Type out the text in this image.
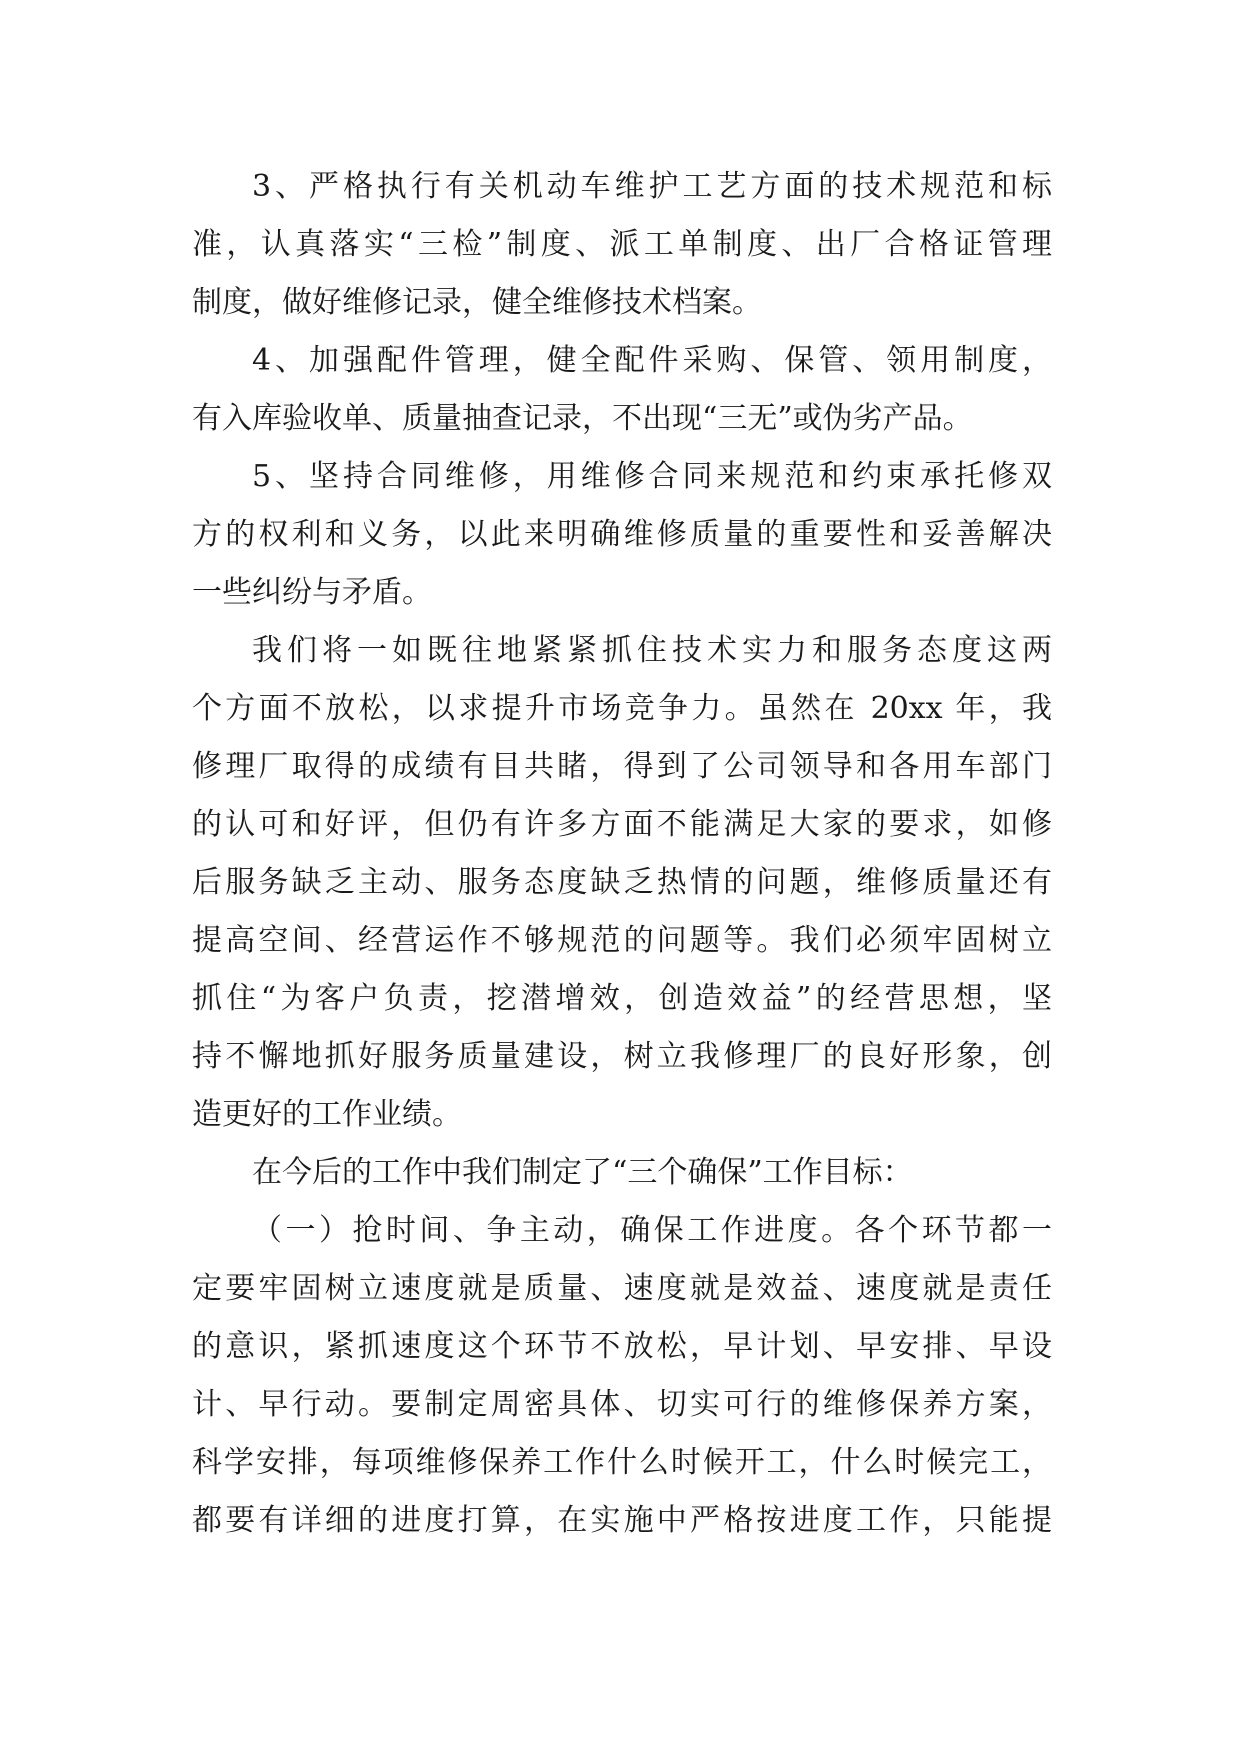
3、严格执行有关机动车维护工艺方面的技术规范和标
准，认真落实“三检”制度、派工单制度、出厂合格证管理
制度，做好维修记录，健全维修技术档案。
4、加强配件管理，健全配件采购、保管、领用制度，
有入库验收单、质量抽查记录，不出现“三无”或伪劣产品。
5、坚持合同维修，用维修合同来规范和约束承托修双
方的权利和义务，以此来明确维修质量的重要性和妥善解决
一些纠纷与矛盾。
我们将一如既往地紧紧抓住技术实力和服务态度这两
个方面不放松，以求提升市场竞争力。虽然在 20xx 年，我
修理厂取得的成绩有目共睹，得到了公司领导和各用车部门
的认可和好评，但仍有许多方面不能满足大家的要求，如修
后服务缺乏主动、服务态度缺乏热情的问题，维修质量还有
提高空间、经营运作不够规范的问题等。我们必须牢固树立
抓住“为客户负责，挖潜增效，创造效益”的经营思想，坚
持不懈地抓好服务质量建设，树立我修理厂的良好形象，创
造更好的工作业绩。
在今后的工作中我们制定了“三个确保”工作目标：
（一）抢时间、争主动，确保工作进度。各个环节都一
定要牢固树立速度就是质量、速度就是效益、速度就是责任
的意识，紧抓速度这个环节不放松，早计划、早安排、早设
计、早行动。要制定周密具体、切实可行的维修保养方案，
科学安排，每项维修保养工作什么时候开工，什么时候完工，
都要有详细的进度打算，在实施中严格按进度工作，只能提
